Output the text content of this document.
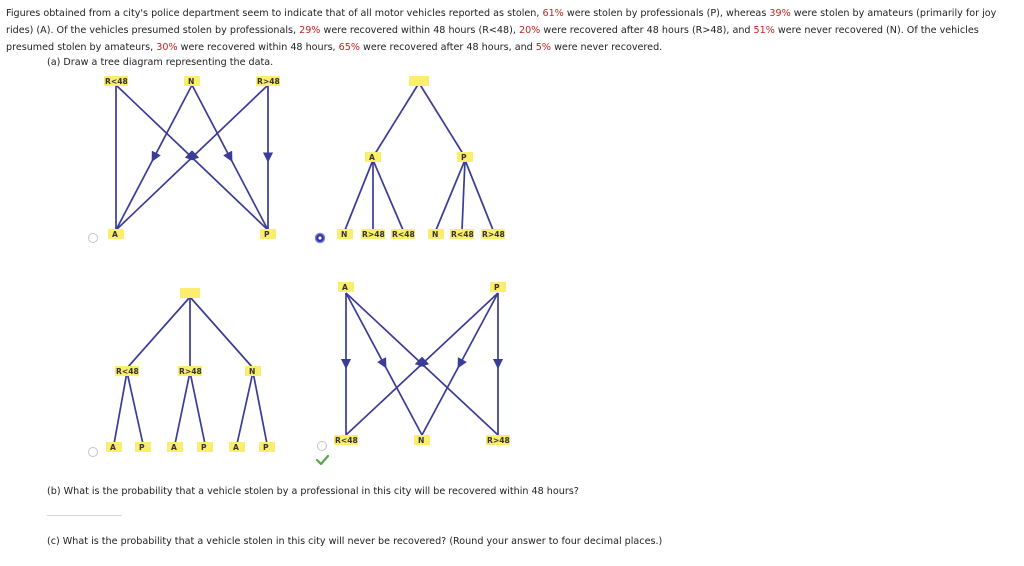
Figures obtained from a city's police department seem to indicate that of all motor vehicles reported as stolen, 61% were stolen by professionals (P), whereas 39% were stolen by amateurs (primarily for joy rides) (A). Of the vehicles presumed stolen by professionals, 29% were recovered within 48 hours (R<48), 20% were recovered after 48 hours (R>48), and 51% were never recovered (N). Of the vehicles presumed stolen by amateurs, 30% were recovered within 48 hours, 65% were recovered after 48 hours, and 5% were never recovered.
(a) Draw a tree diagram representing the data.
R<48	N	R>48
A	P
A	P
N R>48 R<48 N R<48 R>48
R<48	R>48	N
A	P	A	P	A	P
A	P
R<48	N	R>48
(b) What is the probability that a vehicle stolen by a professional in this city will be recovered within 48 hours?
(c) What is the probability that a vehicle stolen in this city will never be recovered? (Round your answer to four decimal places.)
